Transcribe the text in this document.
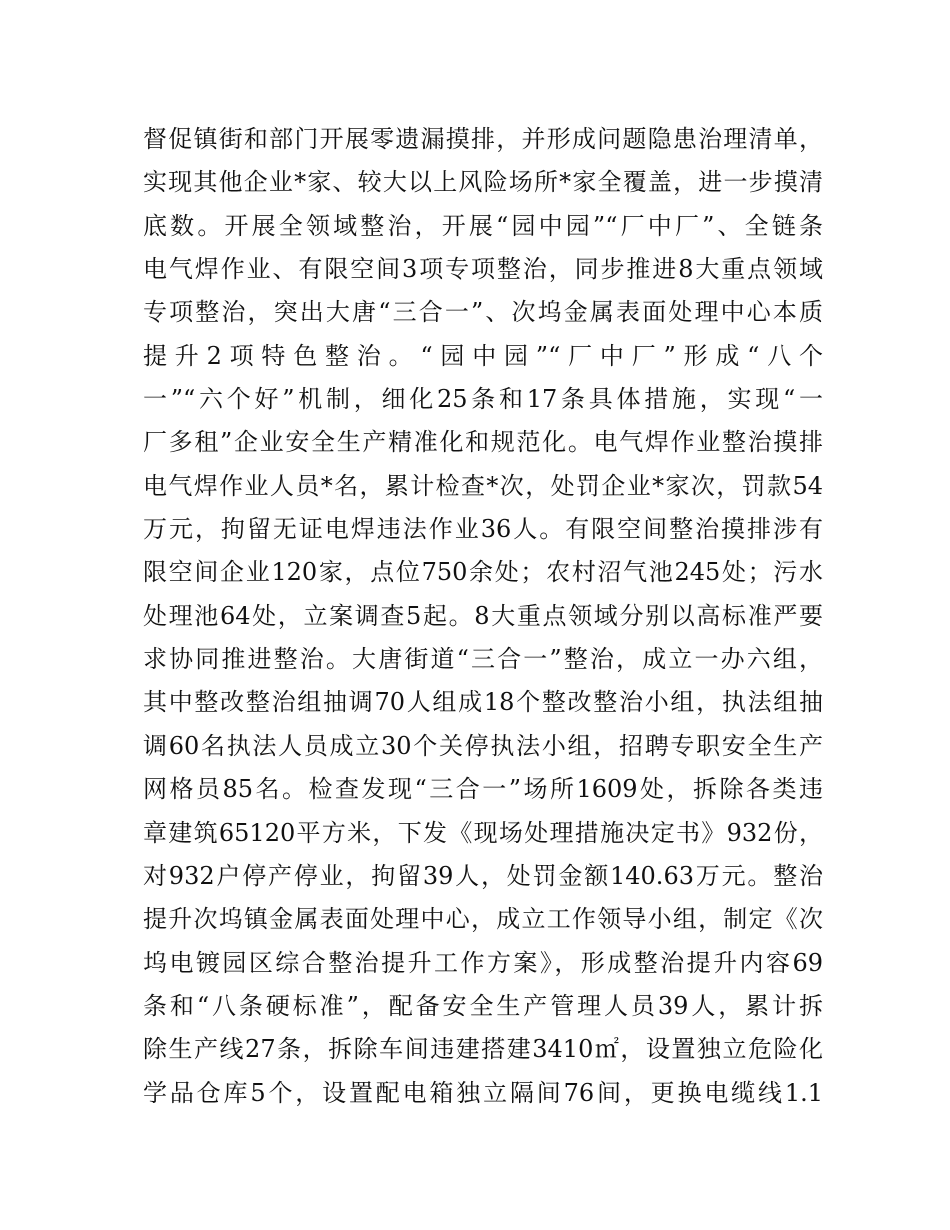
督促镇街和部门开展零遗漏摸排，并形成问题隐患治理清单，
实现其他企业*家、较大以上风险场所*家全覆盖，进一步摸清
底数。开展全领域整治，开展“园中园”“厂中厂”、全链条
电气焊作业、有限空间3项专项整治，同步推进8大重点领域
专项整治，突出大唐“三合一”、次坞金属表面处理中心本质
提升2项特色整治。“园中园”“厂中厂”形成“八个
一”“六个好”机制，细化25条和17条具体措施，实现“一
厂多租”企业安全生产精准化和规范化。电气焊作业整治摸排
电气焊作业人员*名，累计检查*次，处罚企业*家次，罚款54
万元，拘留无证电焊违法作业36人。有限空间整治摸排涉有
限空间企业120家，点位750余处；农村沼气池245处；污水
处理池64处，立案调查5起。8大重点领域分别以高标准严要
求协同推进整治。大唐街道“三合一”整治，成立一办六组，
其中整改整治组抽调70人组成18个整改整治小组，执法组抽
调60名执法人员成立30个关停执法小组，招聘专职安全生产
网格员85名。检查发现“三合一”场所1609处，拆除各类违
章建筑65120平方米，下发《现场处理措施决定书》932份，
对932户停产停业，拘留39人，处罚金额140.63万元。整治
提升次坞镇金属表面处理中心，成立工作领导小组，制定《次
坞电镀园区综合整治提升工作方案》，形成整治提升内容69
条和“八条硬标准”，配备安全生产管理人员39人，累计拆
除生产线27条，拆除车间违建搭建3410㎡，设置独立危险化
学品仓库5个，设置配电箱独立隔间76间，更换电缆线1.1
